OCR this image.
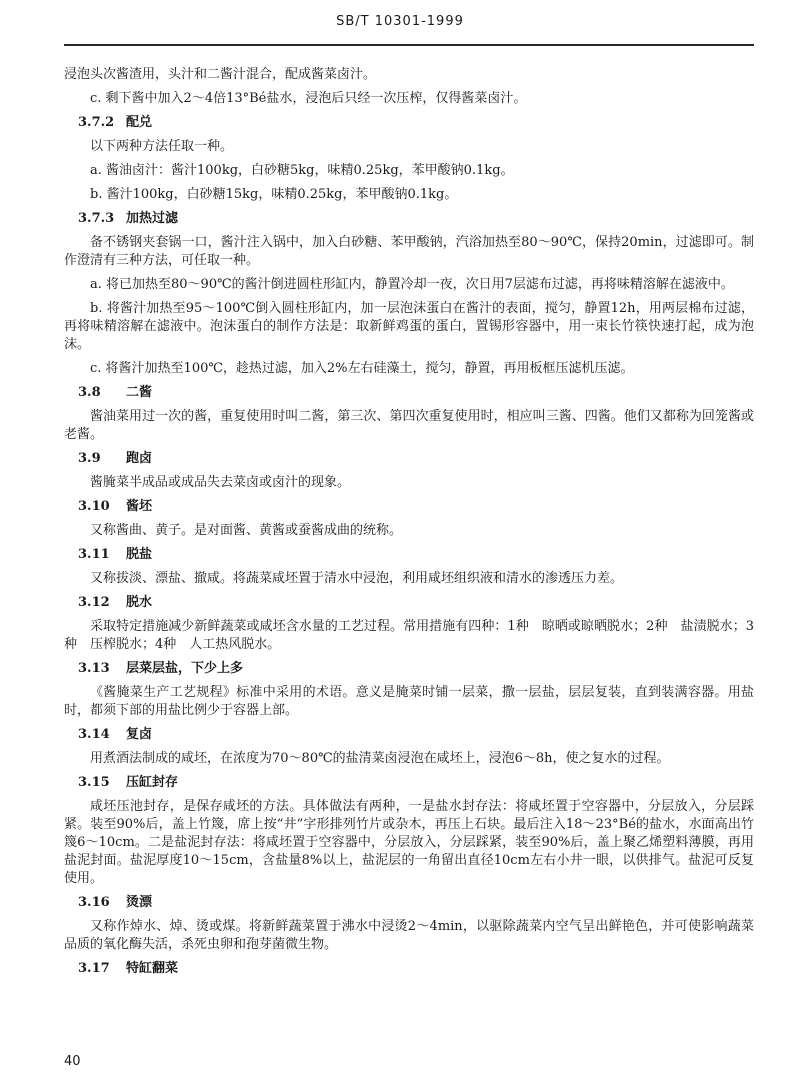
SB/T 10301-1999
浸泡头次酱渣用，头汁和二酱汁混合，配成酱菜卤汁。
c. 剩下酱中加入2～4倍13°Bé盐水，浸泡后只经一次压榨，仅得酱菜卤汁。
3.7.2 配兑
以下两种方法任取一种。
a. 酱油卤汁：酱汁100kg，白砂糖5kg，味精0.25kg，苯甲酸钠0.1kg。
b. 酱汁100kg，白砂糖15kg，味精0.25kg，苯甲酸钠0.1kg。
3.7.3 加热过滤
备不锈钢夹套锅一口，酱汁注入锅中，加入白砂糖、苯甲酸钠，汽浴加热至80～90℃，保持20min，过滤即可。制作澄清有三种方法，可任取一种。
a. 将已加热至80～90℃的酱汁倒进圆柱形缸内，静置冷却一夜，次日用7层滤布过滤，再将味精溶解在滤液中。
b. 将酱汁加热至95～100℃倒入圆柱形缸内，加一层泡沫蛋白在酱汁的表面，搅匀，静置12h，用两层棉布过滤，再将味精溶解在滤液中。泡沫蛋白的制作方法是：取新鲜鸡蛋的蛋白，置锡形容器中，用一束长竹筷快速打起，成为泡沫。
c. 将酱汁加热至100℃，趁热过滤，加入2%左右硅藻土，搅匀，静置，再用板框压滤机压滤。
3.8 二酱
酱油菜用过一次的酱，重复使用时叫二酱，第三次、第四次重复使用时，相应叫三酱、四酱。他们又都称为回笼酱或老酱。
3.9 跑卤
酱腌菜半成品或成品失去菜卤或卤汁的现象。
3.10 酱坯
又称酱曲、黄子。是对面酱、黄酱或蚕酱成曲的统称。
3.11 脱盐
又称拔淡、漂盐、撤咸。将蔬菜咸坯置于清水中浸泡，利用咸坯组织液和清水的渗透压力差。
3.12 脱水
采取特定措施减少新鲜蔬菜或咸坯含水量的工艺过程。常用措施有四种：1种　晾晒或晾晒脱水；2种　盐渍脱水；3种　压榨脱水；4种　人工热风脱水。
3.13 层菜层盐，下少上多
《酱腌菜生产工艺规程》标准中采用的术语。意义是腌菜时铺一层菜，撒一层盐，层层复装，直到装满容器。用盐时，都须下部的用盐比例少于容器上部。
3.14 复卤
用煮酒法制成的咸坯，在浓度为70～80℃的盐清菜卤浸泡在咸坯上，浸泡6～8h，使之复水的过程。
3.15 压缸封存
咸坯压池封存，是保存咸坯的方法。具体做法有两种，一是盐水封存法：将咸坯置于空容器中，分层放入，分层踩紧。装至90%后，盖上竹篾，席上按“井”字形排列竹片或杂木，再压上石块。最后注入18～23°Bé的盐水，水面高出竹篾6～10cm。二是盐泥封存法：将咸坯置于空容器中，分层放入，分层踩紧，装至90%后，盖上聚乙烯塑料薄膜，再用盐泥封面。盐泥厚度10～15cm，含盐量8%以上，盐泥层的一角留出直径10cm左右小井一眼，以供排气。盐泥可反复使用。
3.16 烫漂
又称作焯水、焯、烫或煤。将新鲜蔬菜置于沸水中浸烫2～4min，以驱除蔬菜内空气呈出鲜艳色，并可使影响蔬菜品质的氧化酶失活，杀死虫卵和孢芽菌微生物。
3.17 特缸翻菜
40
